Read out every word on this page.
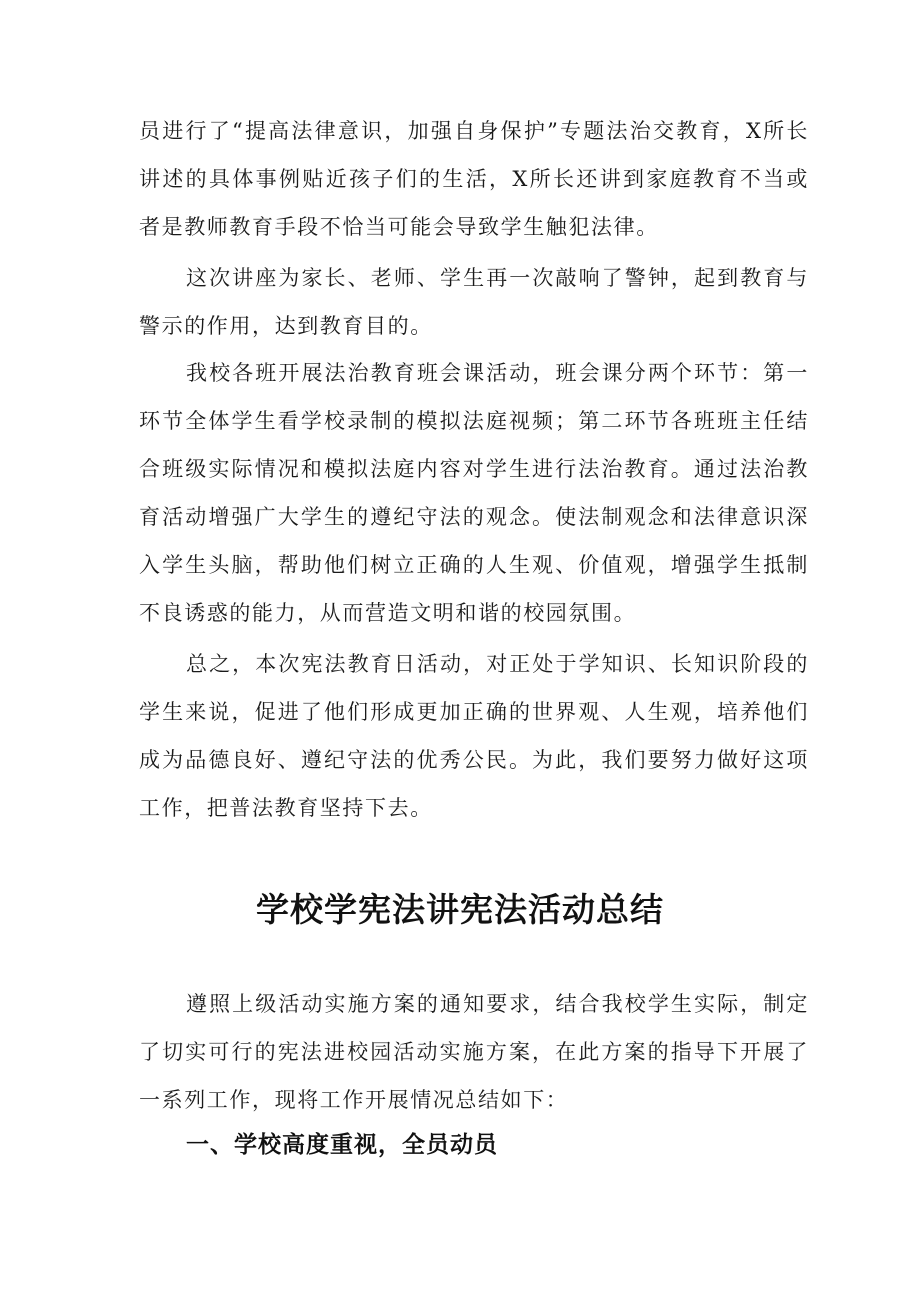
员进行了“提高法律意识，加强自身保护”专题法治交教育，X所长讲述的具体事例贴近孩子们的生活，X所长还讲到家庭教育不当或者是教师教育手段不恰当可能会导致学生触犯法律。

这次讲座为家长、老师、学生再一次敲响了警钟，起到教育与警示的作用，达到教育目的。

我校各班开展法治教育班会课活动，班会课分两个环节：第一环节全体学生看学校录制的模拟法庭视频；第二环节各班班主任结合班级实际情况和模拟法庭内容对学生进行法治教育。通过法治教育活动增强广大学生的遵纪守法的观念。使法制观念和法律意识深入学生头脑，帮助他们树立正确的人生观、价值观，增强学生抵制不良诱惑的能力，从而营造文明和谐的校园氛围。

总之，本次宪法教育日活动，对正处于学知识、长知识阶段的学生来说，促进了他们形成更加正确的世界观、人生观，培养他们成为品德良好、遵纪守法的优秀公民。为此，我们要努力做好这项工作，把普法教育坚持下去。

学校学宪法讲宪法活动总结

遵照上级活动实施方案的通知要求，结合我校学生实际，制定了切实可行的宪法进校园活动实施方案，在此方案的指导下开展了一系列工作，现将工作开展情况总结如下：

一、学校高度重视，全员动员
